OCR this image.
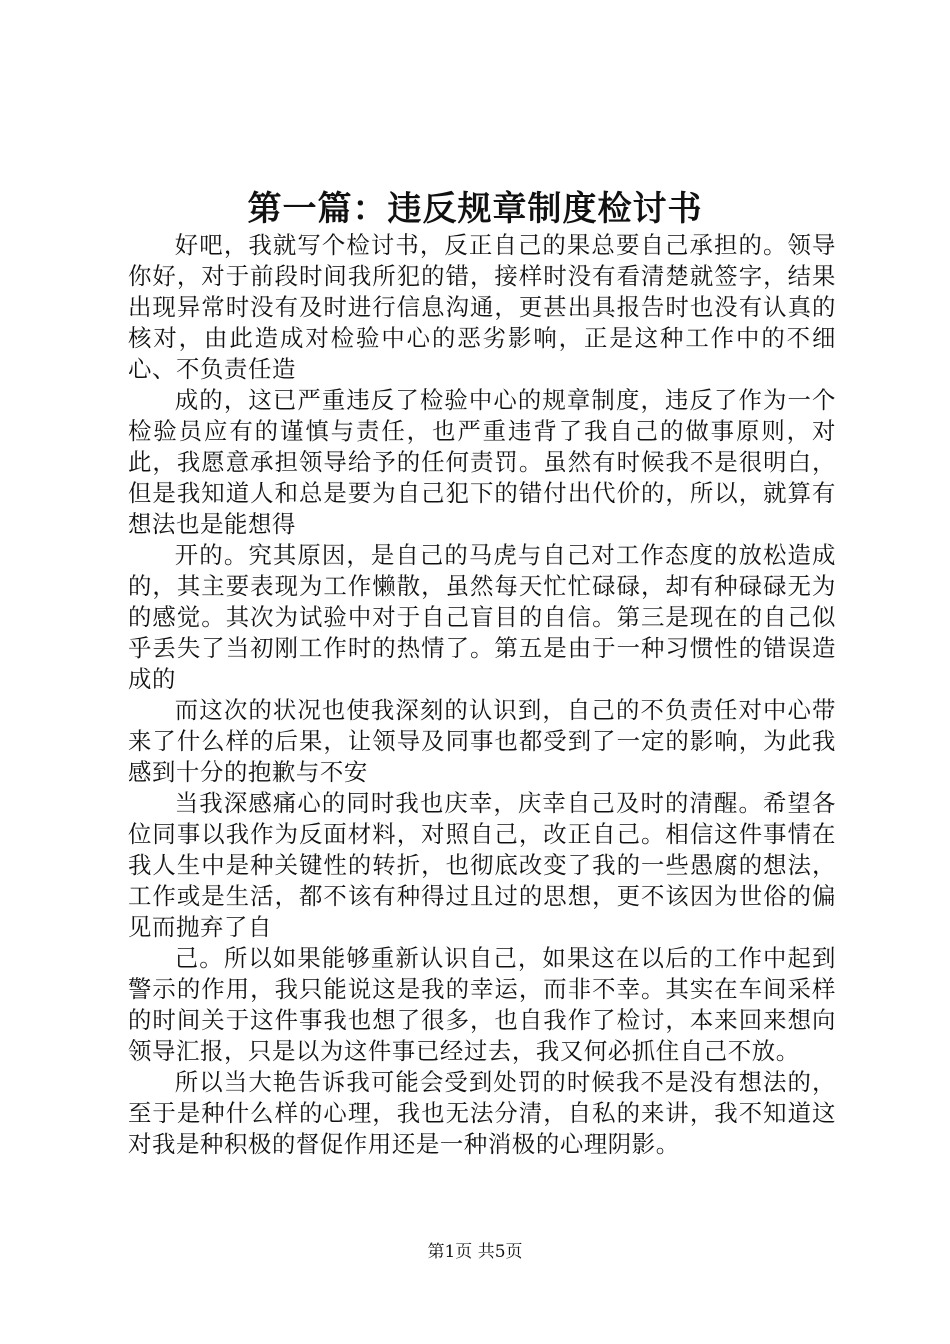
第一篇：违反规章制度检讨书

好吧，我就写个检讨书，反正自己的果总要自己承担的。领导你好，对于前段时间我所犯的错，接样时没有看清楚就签字，结果出现异常时没有及时进行信息沟通，更甚出具报告时也没有认真的核对，由此造成对检验中心的恶劣影响，正是这种工作中的不细心、不负责任造

成的，这已严重违反了检验中心的规章制度，违反了作为一个检验员应有的谨慎与责任，也严重违背了我自己的做事原则，对此，我愿意承担领导给予的任何责罚。虽然有时候我不是很明白，但是我知道人和总是要为自己犯下的错付出代价的，所以，就算有想法也是能想得

开的。究其原因，是自己的马虎与自己对工作态度的放松造成的，其主要表现为工作懒散，虽然每天忙忙碌碌，却有种碌碌无为的感觉。其次为试验中对于自己盲目的自信。第三是现在的自己似乎丢失了当初刚工作时的热情了。第五是由于一种习惯性的错误造成的

而这次的状况也使我深刻的认识到，自己的不负责任对中心带来了什么样的后果，让领导及同事也都受到了一定的影响，为此我感到十分的抱歉与不安

当我深感痛心的同时我也庆幸，庆幸自己及时的清醒。希望各位同事以我作为反面材料，对照自己，改正自己。相信这件事情在我人生中是种关键性的转折，也彻底改变了我的一些愚腐的想法，工作或是生活，都不该有种得过且过的思想，更不该因为世俗的偏见而抛弃了自

己。所以如果能够重新认识自己，如果这在以后的工作中起到警示的作用，我只能说这是我的幸运，而非不幸。其实在车间采样的时间关于这件事我也想了很多，也自我作了检讨，本来回来想向领导汇报，只是以为这件事已经过去，我又何必抓住自己不放。

所以当大艳告诉我可能会受到处罚的时候我不是没有想法的，至于是种什么样的心理，我也无法分清，自私的来讲，我不知道这对我是种积极的督促作用还是一种消极的心理阴影。

第1页 共5页
